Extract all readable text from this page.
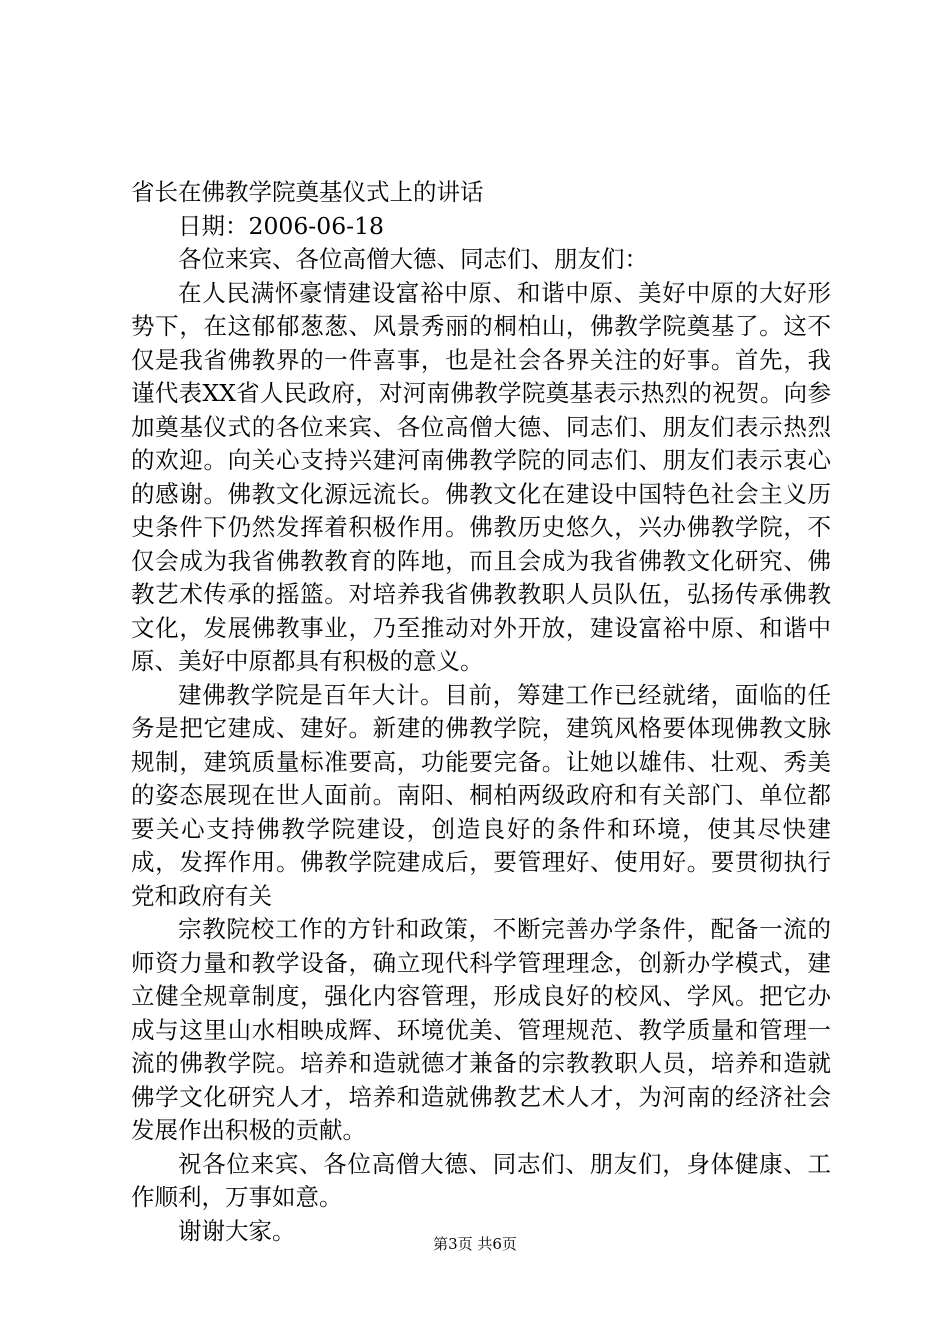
省长在佛教学院奠基仪式上的讲话

日期：2006-06-18

各位来宾、各位高僧大德、同志们、朋友们：

在人民满怀豪情建设富裕中原、和谐中原、美好中原的大好形势下，在这郁郁葱葱、风景秀丽的桐柏山，佛教学院奠基了。这不仅是我省佛教界的一件喜事，也是社会各界关注的好事。首先，我谨代表XX省人民政府，对河南佛教学院奠基表示热烈的祝贺。向参加奠基仪式的各位来宾、各位高僧大德、同志们、朋友们表示热烈的欢迎。向关心支持兴建河南佛教学院的同志们、朋友们表示衷心的感谢。佛教文化源远流长。佛教文化在建设中国特色社会主义历史条件下仍然发挥着积极作用。佛教历史悠久，兴办佛教学院，不仅会成为我省佛教教育的阵地，而且会成为我省佛教文化研究、佛教艺术传承的摇篮。对培养我省佛教教职人员队伍，弘扬传承佛教文化，发展佛教事业，乃至推动对外开放，建设富裕中原、和谐中原、美好中原都具有积极的意义。

建佛教学院是百年大计。目前，筹建工作已经就绪，面临的任务是把它建成、建好。新建的佛教学院，建筑风格要体现佛教文脉规制，建筑质量标准要高，功能要完备。让她以雄伟、壮观、秀美的姿态展现在世人面前。南阳、桐柏两级政府和有关部门、单位都要关心支持佛教学院建设，创造良好的条件和环境，使其尽快建成，发挥作用。佛教学院建成后，要管理好、使用好。要贯彻执行党和政府有关

宗教院校工作的方针和政策，不断完善办学条件，配备一流的师资力量和教学设备，确立现代科学管理理念，创新办学模式，建立健全规章制度，强化内容管理，形成良好的校风、学风。把它办成与这里山水相映成辉、环境优美、管理规范、教学质量和管理一流的佛教学院。培养和造就德才兼备的宗教教职人员，培养和造就佛学文化研究人才，培养和造就佛教艺术人才，为河南的经济社会发展作出积极的贡献。

祝各位来宾、各位高僧大德、同志们、朋友们，身体健康、工作顺利，万事如意。

谢谢大家。	第3页 共6页
